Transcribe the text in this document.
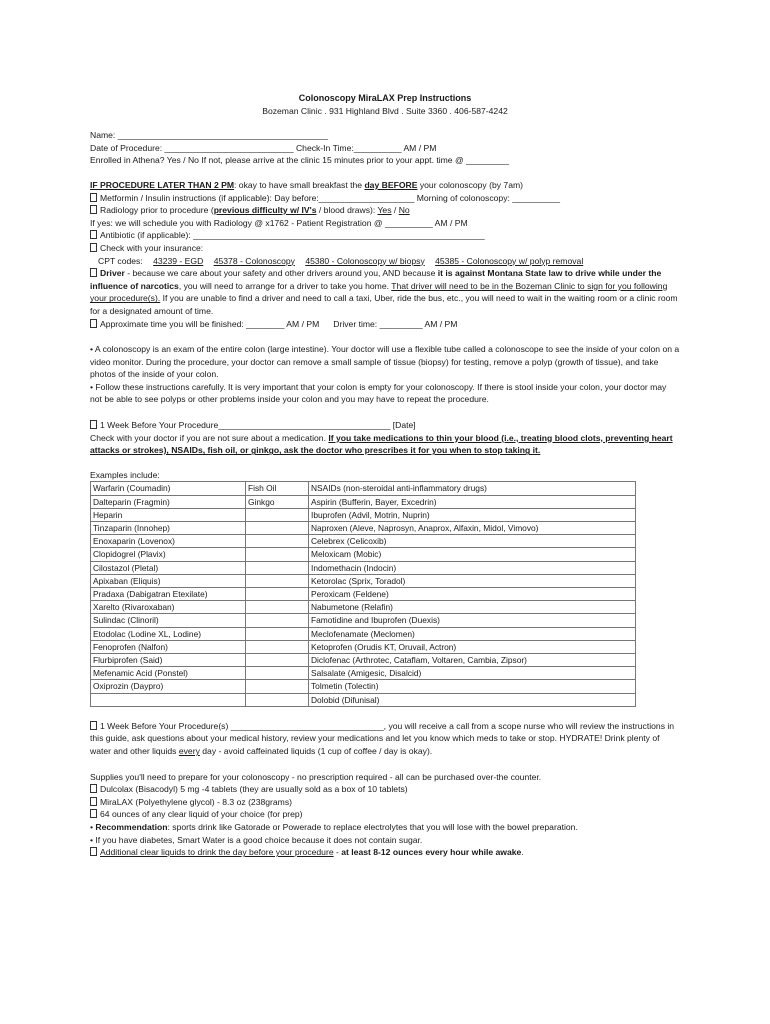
Colonoscopy MiraLAX Prep Instructions
Bozeman Clinic . 931 Highland Blvd . Suite 3360 . 406-587-4242
Name: ____________________________________________
Date of Procedure: ___________________________ Check-In Time:__________ AM / PM
Enrolled in Athena? Yes / No If not, please arrive at the clinic 15 minutes prior to your appt. time @ _________
IF PROCEDURE LATER THAN 2 PM: okay to have small breakfast the day BEFORE your colonoscopy (by 7am)
Metformin / Insulin instructions (if applicable): Day before:____________________ Morning of colonoscopy: __________
Radiology prior to procedure (previous difficulty w/ IV's / blood draws): Yes / No
If yes: we will schedule you with Radiology @ x1762 - Patient Registration @ __________ AM / PM
Antibiotic (if applicable): _____________________________________________________________
Check with your insurance:
CPT codes: 43239 - EGD 45378 - Colonoscopy 45380 - Colonoscopy w/ biopsy 45385 - Colonoscopy w/ polyp removal
Driver - because we care about your safety and other drivers around you, AND because it is against Montana State law to drive while under the influence of narcotics, you will need to arrange for a driver to take you home. That driver will need to be in the Bozeman Clinic to sign for you following your procedure(s). If you are unable to find a driver and need to call a taxi, Uber, ride the bus, etc., you will need to wait in the waiting room or a clinic room for a designated amount of time.
Approximate time you will be finished: ________ AM / PM Driver time: _________ AM / PM
• A colonoscopy is an exam of the entire colon (large intestine). Your doctor will use a flexible tube called a colonoscope to see the inside of your colon on a video monitor. During the procedure, your doctor can remove a small sample of tissue (biopsy) for testing, remove a polyp (growth of tissue), and take photos of the inside of your colon.
• Follow these instructions carefully. It is very important that your colon is empty for your colonoscopy. If there is stool inside your colon, your doctor may not be able to see polyps or other problems inside your colon and you may have to repeat the procedure.
1 Week Before Your Procedure____________________________________ [Date]
Check with your doctor if you are not sure about a medication. If you take medications to thin your blood (i.e., treating blood clots, preventing heart attacks or strokes), NSAIDs, fish oil, or ginkgo, ask the doctor who prescribes it for you when to stop taking it.
Examples include:
Warfarin (Coumadin)	Fish Oil	NSAIDs (non-steroidal anti-inflammatory drugs)
Dalteparin (Fragmin)	Ginkgo	Aspirin (Bufferin, Bayer, Excedrin)
Heparin		Ibuprofen (Advil, Motrin, Nuprin)
Tinzaparin (Innohep)		Naproxen (Aleve, Naprosyn, Anaprox, Alfaxin, Midol, Vimovo)
Enoxaparin (Lovenox)		Celebrex (Celicoxib)
Clopidogrel (Plavix)		Meloxicam (Mobic)
Cilostazol (Pletal)		Indomethacin (Indocin)
Apixaban (Eliquis)		Ketorolac (Sprix, Toradol)
Pradaxa (Dabigatran Etexilate)		Peroxicam (Feldene)
Xarelto (Rivaroxaban)		Nabumetone (Relafin)
Sulindac (Clinoril)		Famotidine and Ibuprofen (Duexis)
Etodolac (Lodine XL, Lodine)		Meclofenamate (Meclomen)
Fenoprofen (Nalfon)		Ketoprofen (Orudis KT, Oruvail, Actron)
Flurbiprofen (Said)		Diclofenac (Arthrotec, Cataflam, Voltaren, Cambia, Zipsor)
Mefenamic Acid (Ponstel)		Salsalate (Amigesic, Disalcid)
Oxiprozin (Daypro)		Tolmetin (Tolectin)
		Dolobid (Difunisal)
1 Week Before Your Procedure(s) ________________________________, you will receive a call from a scope nurse who will review the instructions in this guide, ask questions about your medical history, review your medications and let you know which meds to take or stop. HYDRATE! Drink plenty of water and other liquids every day - avoid caffeinated liquids (1 cup of coffee / day is okay).
Supplies you'll need to prepare for your colonoscopy - no prescription required - all can be purchased over-the counter.
Dulcolax (Bisacodyl) 5 mg -4 tablets (they are usually sold as a box of 10 tablets)
MiraLAX (Polyethylene glycol) - 8.3 oz (238grams)
64 ounces of any clear liquid of your choice (for prep)
• Recommendation: sports drink like Gatorade or Powerade to replace electrolytes that you will lose with the bowel preparation.
• If you have diabetes, Smart Water is a good choice because it does not contain sugar.
Additional clear liquids to drink the day before your procedure - at least 8-12 ounces every hour while awake.
